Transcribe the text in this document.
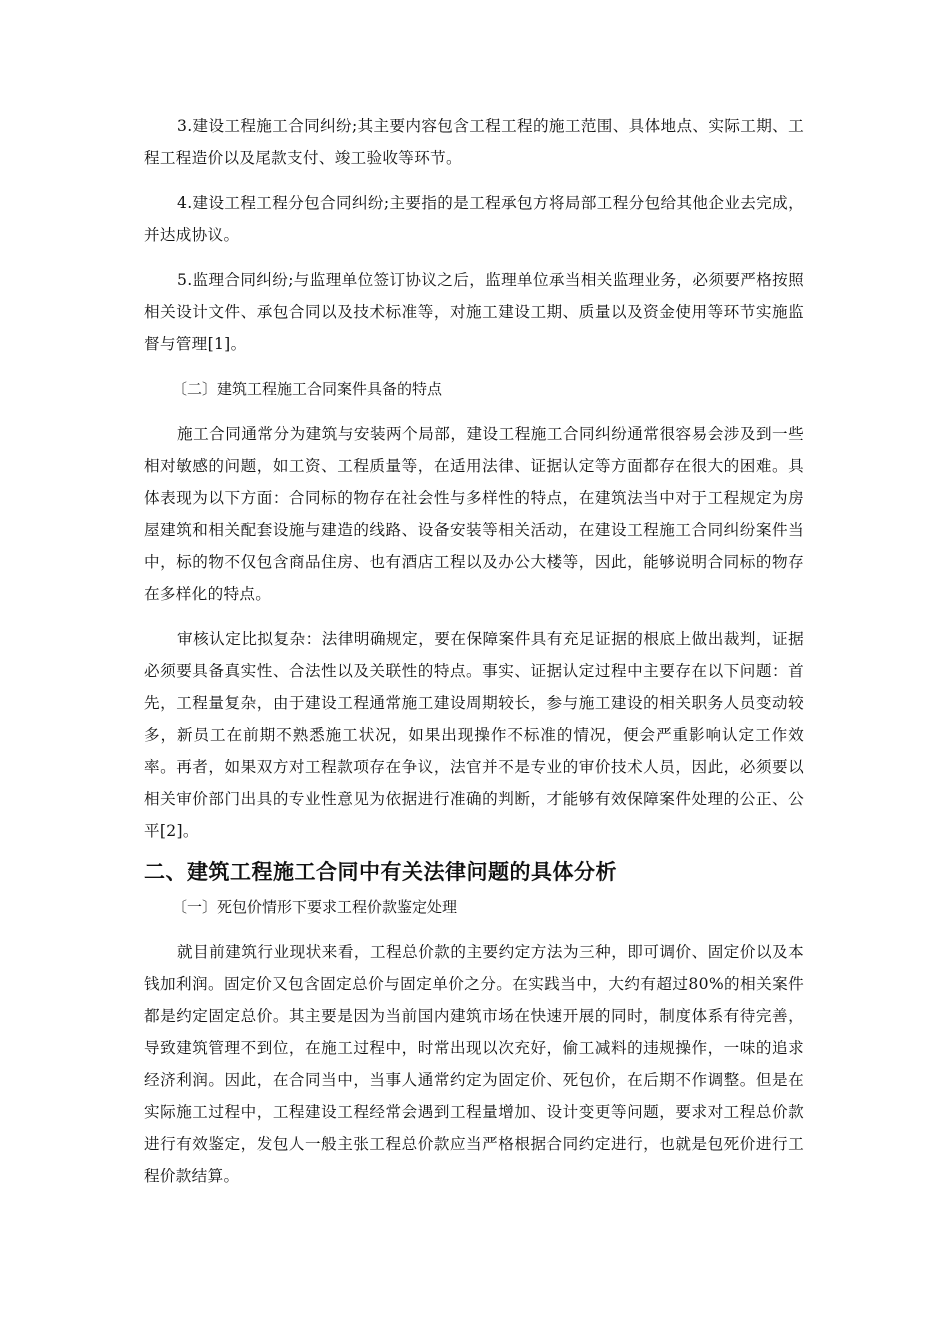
3.建设工程施工合同纠纷;其主要内容包含工程工程的施工范围、具体地点、实际工期、工程工程造价以及尾款支付、竣工验收等环节。

4.建设工程工程分包合同纠纷;主要指的是工程承包方将局部工程分包给其他企业去完成，并达成协议。

5.监理合同纠纷;与监理单位签订协议之后，监理单位承当相关监理业务，必须要严格按照相关设计文件、承包合同以及技术标准等，对施工建设工期、质量以及资金使用等环节实施监督与管理[1]。

〔二〕建筑工程施工合同案件具备的特点

施工合同通常分为建筑与安装两个局部，建设工程施工合同纠纷通常很容易会涉及到一些相对敏感的问题，如工资、工程质量等，在适用法律、证据认定等方面都存在很大的困难。具体表现为以下方面：合同标的物存在社会性与多样性的特点，在建筑法当中对于工程规定为房屋建筑和相关配套设施与建造的线路、设备安装等相关活动，在建设工程施工合同纠纷案件当中，标的物不仅包含商品住房、也有酒店工程以及办公大楼等，因此，能够说明合同标的物存在多样化的特点。

审核认定比拟复杂：法律明确规定，要在保障案件具有充足证据的根底上做出裁判，证据必须要具备真实性、合法性以及关联性的特点。事实、证据认定过程中主要存在以下问题：首先，工程量复杂，由于建设工程通常施工建设周期较长，参与施工建设的相关职务人员变动较多，新员工在前期不熟悉施工状况，如果出现操作不标准的情况，便会严重影响认定工作效率。再者，如果双方对工程款项存在争议，法官并不是专业的审价技术人员，因此，必须要以相关审价部门出具的专业性意见为依据进行准确的判断，才能够有效保障案件处理的公正、公平[2]。

二、建筑工程施工合同中有关法律问题的具体分析

〔一〕死包价情形下要求工程价款鉴定处理

就目前建筑行业现状来看，工程总价款的主要约定方法为三种，即可调价、固定价以及本钱加利润。固定价又包含固定总价与固定单价之分。在实践当中，大约有超过80%的相关案件都是约定固定总价。其主要是因为当前国内建筑市场在快速开展的同时，制度体系有待完善，导致建筑管理不到位，在施工过程中，时常出现以次充好，偷工减料的违规操作，一味的追求经济利润。因此，在合同当中，当事人通常约定为固定价、死包价，在后期不作调整。但是在实际施工过程中，工程建设工程经常会遇到工程量增加、设计变更等问题，要求对工程总价款进行有效鉴定，发包人一般主张工程总价款应当严格根据合同约定进行，也就是包死价进行工程价款结算。
